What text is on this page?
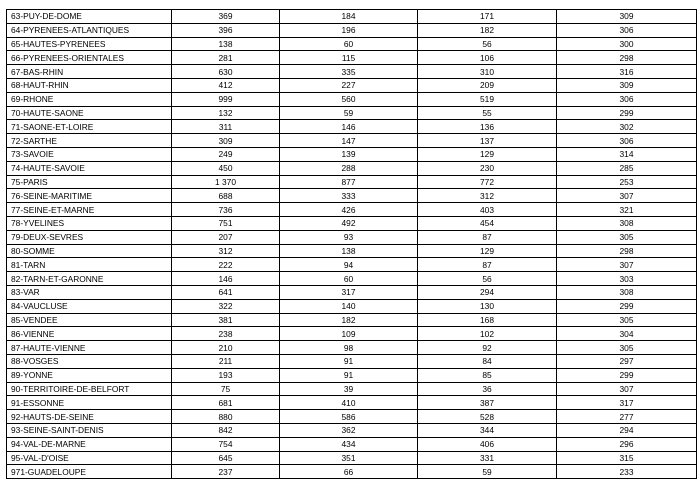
63-PUY-DE-DOME	369	184	171	309
64-PYRENEES-ATLANTIQUES	396	196	182	306
65-HAUTES-PYRENEES	138	60	56	300
66-PYRENEES-ORIENTALES	281	115	106	298
67-BAS-RHIN	630	335	310	316
68-HAUT-RHIN	412	227	209	309
69-RHONE	999	560	519	306
70-HAUTE-SAONE	132	59	55	299
71-SAONE-ET-LOIRE	311	146	136	302
72-SARTHE	309	147	137	306
73-SAVOIE	249	139	129	314
74-HAUTE-SAVOIE	450	288	230	285
75-PARIS	1 370	877	772	253
76-SEINE-MARITIME	688	333	312	307
77-SEINE-ET-MARNE	736	426	403	321
78-YVELINES	751	492	454	308
79-DEUX-SEVRES	207	93	87	305
80-SOMME	312	138	129	298
81-TARN	222	94	87	307
82-TARN-ET-GARONNE	146	60	56	303
83-VAR	641	317	294	308
84-VAUCLUSE	322	140	130	299
85-VENDEE	381	182	168	305
86-VIENNE	238	109	102	304
87-HAUTE-VIENNE	210	98	92	305
88-VOSGES	211	91	84	297
89-YONNE	193	91	85	299
90-TERRITOIRE-DE-BELFORT	75	39	36	307
91-ESSONNE	681	410	387	317
92-HAUTS-DE-SEINE	880	586	528	277
93-SEINE-SAINT-DENIS	842	362	344	294
94-VAL-DE-MARNE	754	434	406	296
95-VAL-D'OISE	645	351	331	315
971-GUADELOUPE	237	66	59	233
